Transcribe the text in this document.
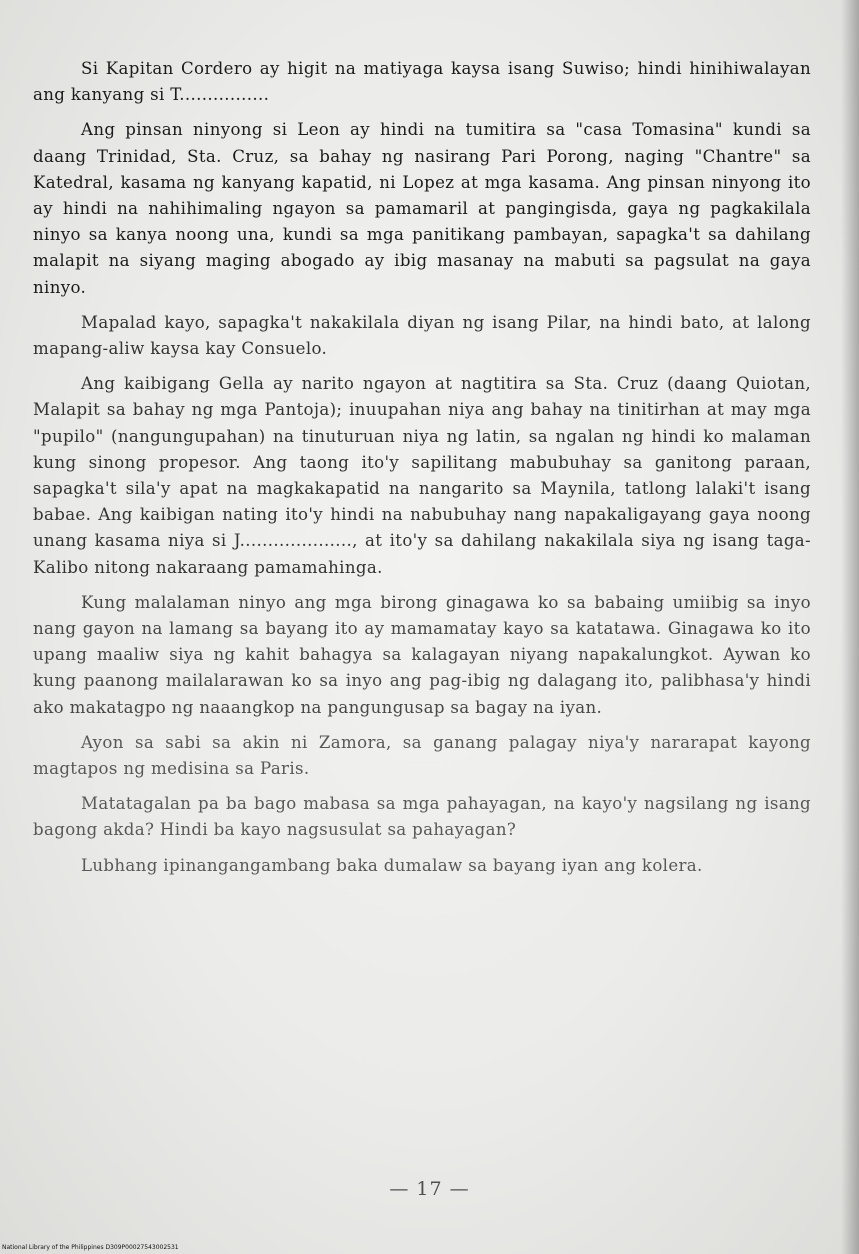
Si Kapitan Cordero ay higit na matiyaga kaysa isang Suwiso; hindi hinihiwalayan ang kanyang si T................

Ang pinsan ninyong si Leon ay hindi na tumitira sa "casa Tomasina" kundi sa daang Trinidad, Sta. Cruz, sa bahay ng nasirang Pari Porong, naging "Chantre" sa Katedral, kasama ng kanyang kapatid, ni Lopez at mga kasama. Ang pinsan ninyong ito ay hindi na nahihimaling ngayon sa pamamaril at pangingisda, gaya ng pagkakilala ninyo sa kanya noong una, kundi sa mga panitikang pambayan, sapagka't sa dahilang malapit na siyang maging abogado ay ibig masanay na mabuti sa pagsulat na gaya ninyo.

Mapalad kayo, sapagka't nakakilala diyan ng isang Pilar, na hindi bato, at lalong mapang-aliw kaysa kay Consuelo.

Ang kaibigang Gella ay narito ngayon at nagtitira sa Sta. Cruz (daang Quiotan, Malapit sa bahay ng mga Pantoja); inuupahan niya ang bahay na tinitirhan at may mga "pupilo" (nangungupahan) na tinuturuan niya ng latin, sa ngalan ng hindi ko malaman kung sinong propesor. Ang taong ito'y sapilitang mabubuhay sa ganitong paraan, sapagka't sila'y apat na magkakapatid na nangarito sa Maynila, tatlong lalaki't isang babae. Ang kaibigan nating ito'y hindi na nabubuhay nang napakaligayang gaya noong unang kasama niya si J...................., at ito'y sa dahilang nakakilala siya ng isang taga-Kalibo nitong nakaraang pamamahinga.

Kung malalaman ninyo ang mga birong ginagawa ko sa babaing umiibig sa inyo nang gayon na lamang sa bayang ito ay mamamatay kayo sa katatawa. Ginagawa ko ito upang maaliw siya ng kahit bahagya sa kalagayan niyang napakalungkot. Aywan ko kung paanong mailalarawan ko sa inyo ang pag-ibig ng dalagang ito, palibhasa'y hindi ako makatagpo ng naaangkop na pangungusap sa bagay na iyan.

Ayon sa sabi sa akin ni Zamora, sa ganang palagay niya'y nararapat kayong magtapos ng medisina sa Paris.

Matatagalan pa ba bago mabasa sa mga pahayagan, na kayo'y nagsilang ng isang bagong akda? Hindi ba kayo nagsusulat sa pahayagan?

Lubhang ipinangangambang baka dumalaw sa bayang iyan ang kolera.

— 17 —
National Library of the Philippines D309P00027543002531
